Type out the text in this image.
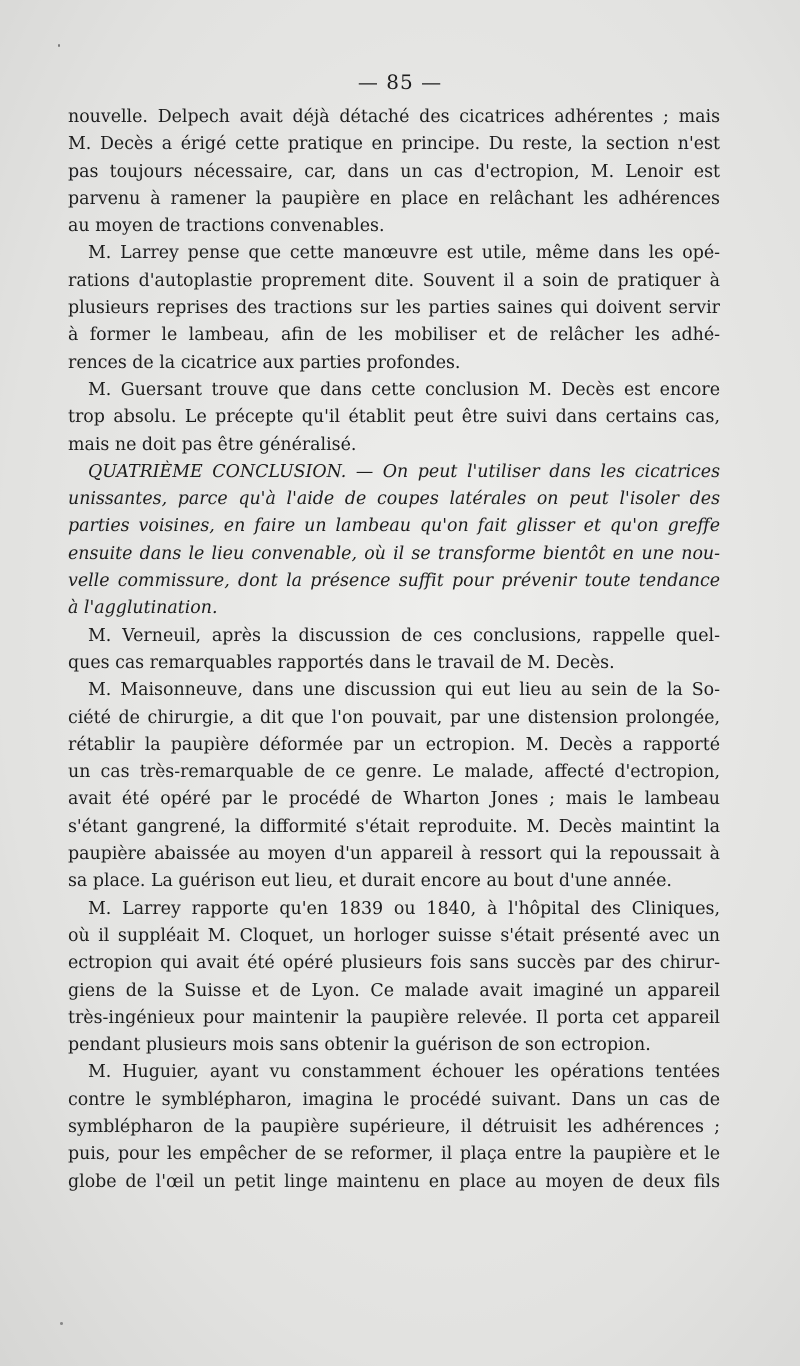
— 85 —
nouvelle. Delpech avait déjà détaché des cicatrices adhérentes ; mais
M. Decès a érigé cette pratique en principe. Du reste, la section n'est
pas toujours nécessaire, car, dans un cas d'ectropion, M. Lenoir est
parvenu à ramener la paupière en place en relâchant les adhérences
au moyen de tractions convenables.
M. Larrey pense que cette manœuvre est utile, même dans les opé-
rations d'autoplastie proprement dite. Souvent il a soin de pratiquer à
plusieurs reprises des tractions sur les parties saines qui doivent servir
à former le lambeau, afin de les mobiliser et de relâcher les adhé-
rences de la cicatrice aux parties profondes.
M. Guersant trouve que dans cette conclusion M. Decès est encore
trop absolu. Le précepte qu'il établit peut être suivi dans certains cas,
mais ne doit pas être généralisé.
QUATRIÈME CONCLUSION. — On peut l'utiliser dans les cicatrices
unissantes, parce qu'à l'aide de coupes latérales on peut l'isoler des
parties voisines, en faire un lambeau qu'on fait glisser et qu'on greffe
ensuite dans le lieu convenable, où il se transforme bientôt en une nou-
velle commissure, dont la présence suffit pour prévenir toute tendance
à l'agglutination.
M. Verneuil, après la discussion de ces conclusions, rappelle quel-
ques cas remarquables rapportés dans le travail de M. Decès.
M. Maisonneuve, dans une discussion qui eut lieu au sein de la So-
ciété de chirurgie, a dit que l'on pouvait, par une distension prolongée,
rétablir la paupière déformée par un ectropion. M. Decès a rapporté
un cas très-remarquable de ce genre. Le malade, affecté d'ectropion,
avait été opéré par le procédé de Wharton Jones ; mais le lambeau
s'étant gangrené, la difformité s'était reproduite. M. Decès maintint la
paupière abaissée au moyen d'un appareil à ressort qui la repoussait à
sa place. La guérison eut lieu, et durait encore au bout d'une année.
M. Larrey rapporte qu'en 1839 ou 1840, à l'hôpital des Cliniques,
où il suppléait M. Cloquet, un horloger suisse s'était présenté avec un
ectropion qui avait été opéré plusieurs fois sans succès par des chirur-
giens de la Suisse et de Lyon. Ce malade avait imaginé un appareil
très-ingénieux pour maintenir la paupière relevée. Il porta cet appareil
pendant plusieurs mois sans obtenir la guérison de son ectropion.
M. Huguier, ayant vu constamment échouer les opérations tentées
contre le symblépharon, imagina le procédé suivant. Dans un cas de
symblépharon de la paupière supérieure, il détruisit les adhérences ;
puis, pour les empêcher de se reformer, il plaça entre la paupière et le
globe de l'œil un petit linge maintenu en place au moyen de deux fils
